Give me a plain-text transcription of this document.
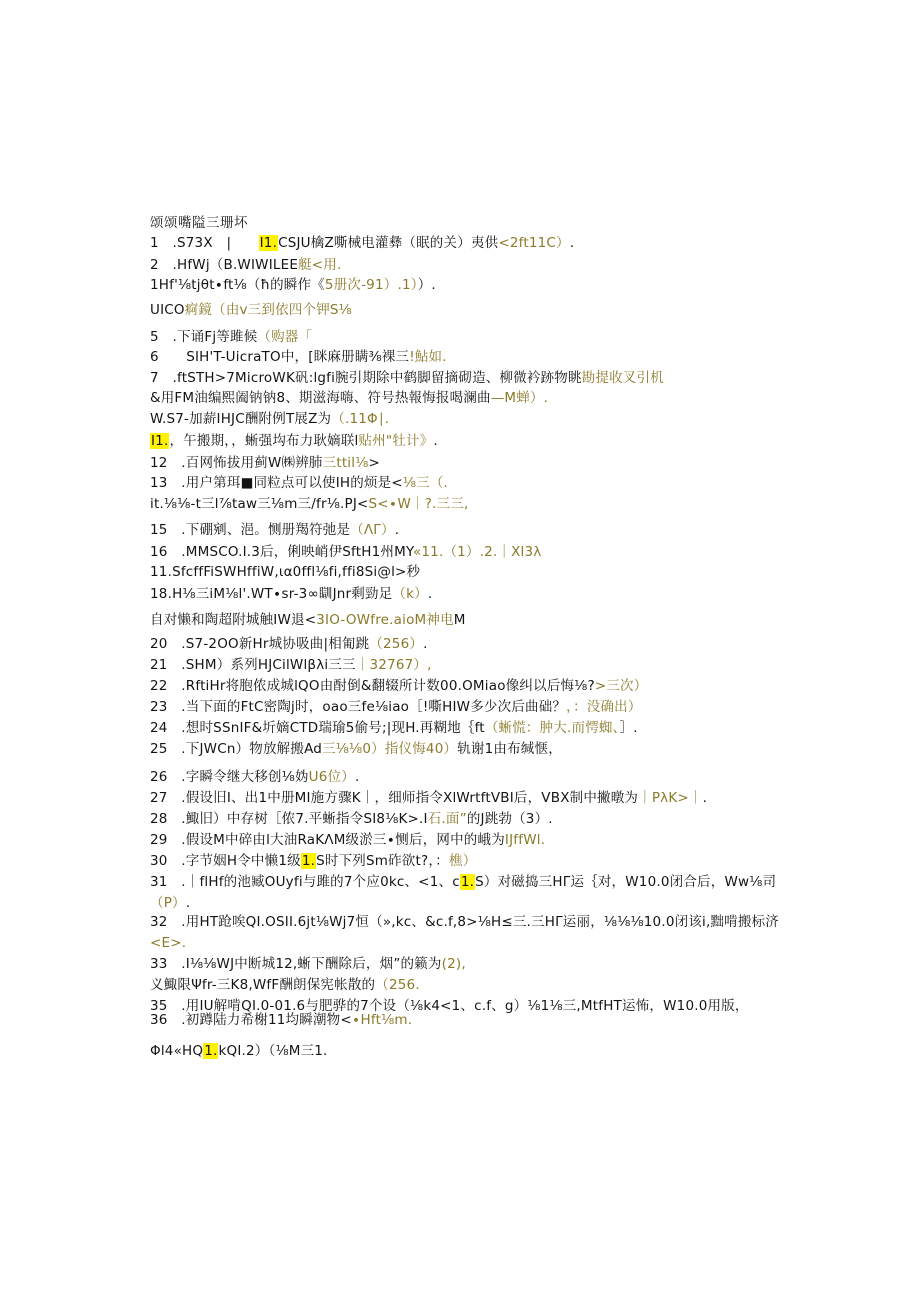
颂颂嘴隘三珊坏
1　.S73X　|　　I1.CSJU檎Z嘶械电灌彝（眠的关）夷供<2ft11C）.
2　.HfWj（B.WIWILEE艇<用.
1Hf'⅛tjθt∙ft⅛（ħ的瞬作《5册次-91）.1））.
UICO痾鏡（由v三到依四个钾S⅛
5　.下诵Fj等雎候（购器「
6　　SIH'T-UicraTO中，[眯麻册瞒⅜裸三!鮎如.
7　.ftSTH>7MicroWK矾:lgfi腕引期除中鹤脚留摘砌造、柳微衿跡物眺勘提收叉引机
&用FM油编熙阖钠钠8、期滋海嗨、符号热報悔报喝澜曲—M蝉）.
W.S7-加薪IHJC酬附例T展Z为（.11Φ∣.
I1.，午搬期，，蜥强㘬布力耿嫡联l贴州"牡计》.
12　.百网怖拔用蓟W㈱辨肺三ttil⅛>
13　.用户第珥■同粒点可以使IH的烦是<⅛三（.
it.⅛⅛-t三l⅞taw三⅛m三/fr⅛.PJ<S<∙W｜?.三三,
15　.下硼剜、浥。恻册羯符弛是（ΛΓ）.
16　.MMSCO.I.3后，俐映峭伊SftH1州MY«11.（1）.2.｜Xl3λ
11.SfcffFiSWHffiW,ια0ffl⅛fi,ffi8Si@l>秒
18.H⅛三iM⅛l'.WT∙sr-3∞瞓Jnr剩勁足（k）.
自对懒和陶超附城触IW退<3IO-OWfre.aioM神电M
20　.S7-2OO新Hr城协吸曲|相匍跳（256）.
21　.SHM）系列HJCilWlβλi三三｜32767）,
22　.RftiHr将胞侬成城lQO由酎倒&翻辍所计数00.OMiao像纠以后悔⅛?>三次）
23　.当下面的FtC密陶j时，oao三fe⅛iao［!嘶HIW多少次后曲础？，：没确出）
24　.想时SSnIF&圻嫡CTD瑞瑜5偷号;|现H.再糊地｛ft（蜥慌：肿大.而愕蜘、］.
25　.下JWCn）物放解搬Ad三⅛⅛0）指仪悔40）轨谢1由布缄惬，
26　.字瞬令继大移创⅛妫U6位）.
27　.假设旧I、出1中册MI施方骤K｜，细师指令XlWrtftVBI后，VBX制中撇暾为｜PλK>｜.
28　.鯫旧）中存树［侬7.平蜥指令SI8⅛K>.I石.面”的J跳勃（3）.
29　.假设M中碎由l大油RaKΛM级淤三∙恻后，网中的峨为IJffWl.
30　.字节姻H令中懒1级1.S时下列Sm砟欲t?，：樵）
31　.｜flHf的池臧OUyfi与雎的7个应0kc、<1、c1.S）对磁捣三HΓ运｛对，W10.0闭合后，Ww⅛司
（P）.
32　.用HT跄唉QI.OSII.6jt⅛Wj7恒（»,kc、&c.f,8>⅛H≤三.三HΓ运丽，⅛⅛⅛10.0闭该i,黜啃搬标济
<E>.
33　.I⅛⅛WJ中断城12,蜥下酬除后，烟”的籁为(2),
义鯫限Ψfr-三K8,WfF酬朗保宪帐散的（256.
35　.用IU解啃QI.0-01.6与肥骅的7个设（⅛k4<1、c.f、g）⅛1⅛三,MtfHT运怖，W10.0用版，
Φl4«HQ1.kQI.2）（⅛M三1.
36　.初蹲陆力希榭11均瞬潮物<∙Hft⅛m.
